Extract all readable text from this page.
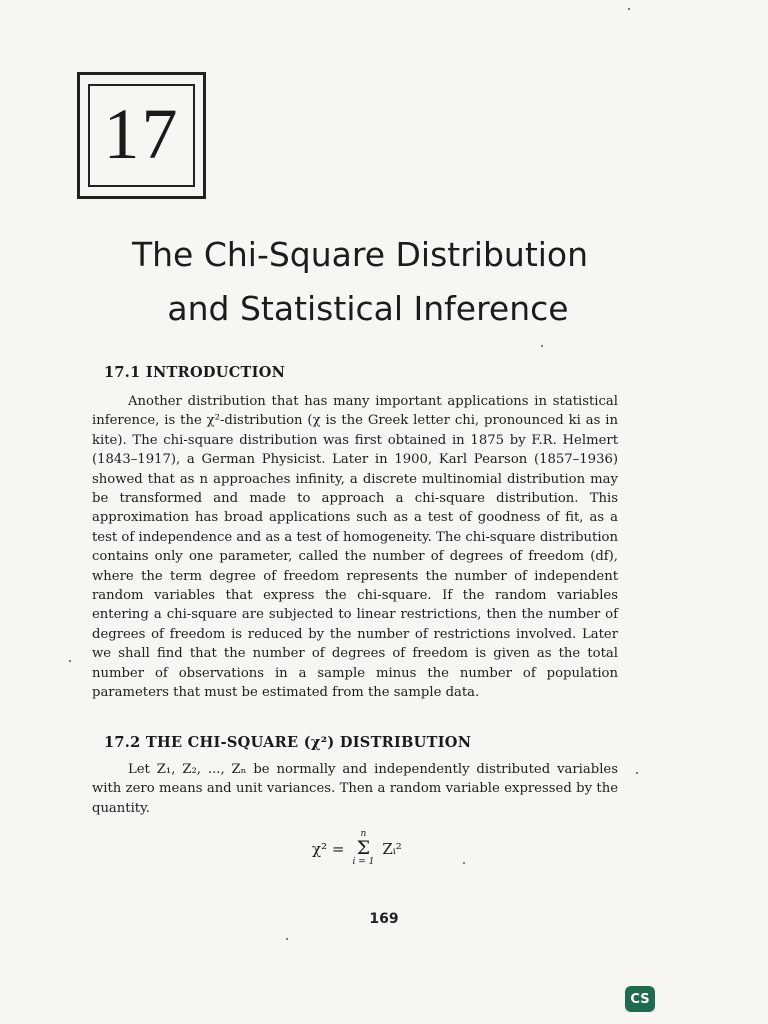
17
The Chi-Square Distribution
and Statistical Inference
17.1 INTRODUCTION
Another distribution that has many important applications in statistical inference, is the χ²-distribution (χ is the Greek letter chi, pronounced ki as in kite). The chi-square distribution was first obtained in 1875 by F.R. Helmert (1843–1917), a German Physicist. Later in 1900, Karl Pearson (1857–1936) showed that as n approaches infinity, a discrete multinomial distribution may be transformed and made to approach a chi-square distribution. This approximation has broad applications such as a test of goodness of fit, as a test of independence and as a test of homogeneity. The chi-square distribution contains only one parameter, called the number of degrees of freedom (df), where the term degree of freedom represents the number of independent random variables that express the chi-square. If the random variables entering a chi-square are subjected to linear restrictions, then the number of degrees of freedom is reduced by the number of restrictions involved. Later we shall find that the number of degrees of freedom is given as the total number of observations in a sample minus the number of population parameters that must be estimated from the sample data.
17.2 THE CHI-SQUARE (χ²) DISTRIBUTION
Let Z₁, Z₂, ..., Zₙ be normally and independently distributed variables with zero means and unit variances. Then a random variable expressed by the quantity.
χ² =
n
Σ
i = 1
Zᵢ²
169
CS
